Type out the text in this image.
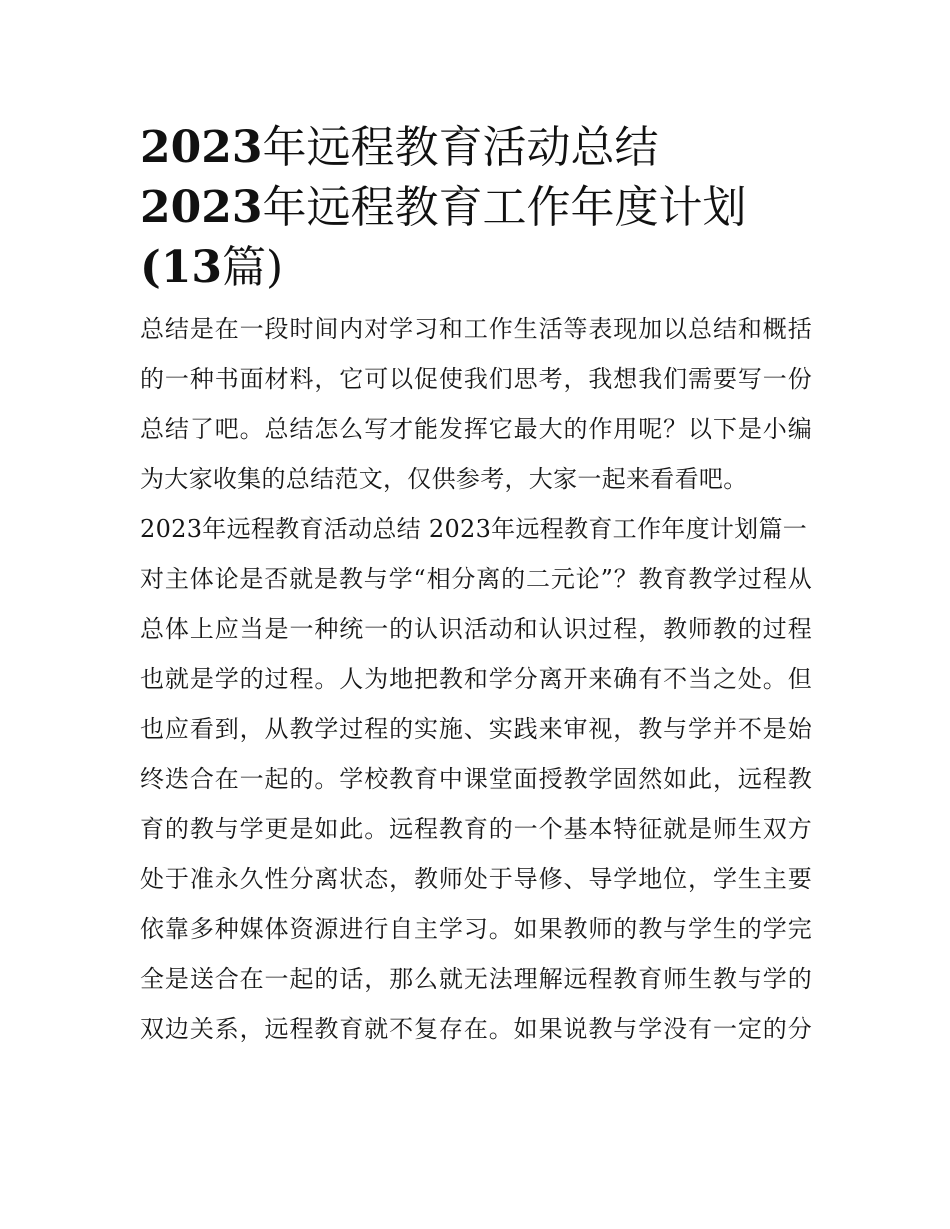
2023年远程教育活动总结
2023年远程教育工作年度计划
(13篇)
总结是在一段时间内对学习和工作生活等表现加以总结和概括
的一种书面材料，它可以促使我们思考，我想我们需要写一份
总结了吧。总结怎么写才能发挥它最大的作用呢？以下是小编
为大家收集的总结范文，仅供参考，大家一起来看看吧。
2023年远程教育活动总结 2023年远程教育工作年度计划篇一
对主体论是否就是教与学“相分离的二元论”？教育教学过程从
总体上应当是一种统一的认识活动和认识过程，教师教的过程
也就是学的过程。人为地把教和学分离开来确有不当之处。但
也应看到，从教学过程的实施、实践来审视，教与学并不是始
终迭合在一起的。学校教育中课堂面授教学固然如此，远程教
育的教与学更是如此。远程教育的一个基本特征就是师生双方
处于准永久性分离状态，教师处于导修、导学地位，学生主要
依靠多种媒体资源进行自主学习。如果教师的教与学生的学完
全是送合在一起的话，那么就无法理解远程教育师生教与学的
双边关系，远程教育就不复存在。如果说教与学没有一定的分
